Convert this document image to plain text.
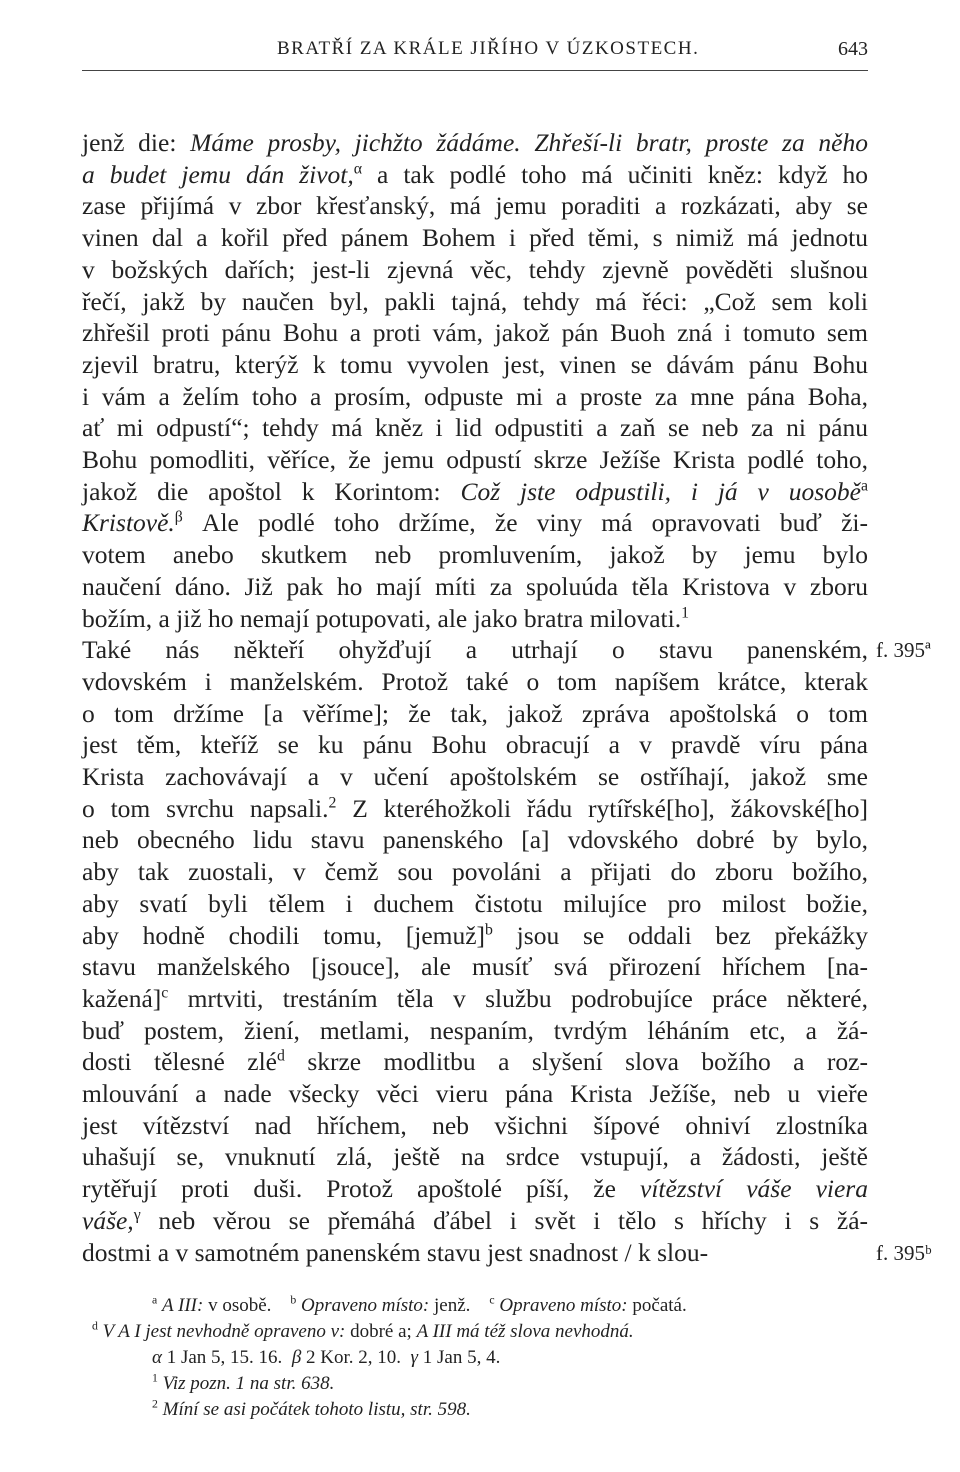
BRATŘÍ ZA KRÁLE JIŘÍHO V ÚZKOSTECH.	643
jenž die: Máme prosby, jichžto žádáme. Zhřeší-li bratr, proste za něho
a budet jemu dán život,$^\alpha$ a tak podlé toho má učiniti kněz: když ho
zase přijímá v zbor křesťanský, má jemu poraditi a rozkázati, aby se
vinen dal a kořil před pánem Bohem i před těmi, s nimiž má jednotu
v božských dařích; jest-li zjevná věc, tehdy zjevně pověděti slušnou
řečí, jakž by naučen byl, pakli tajná, tehdy má řéci: „Což sem koli
zhřešil proti pánu Bohu a proti vám, jakož pán Buoh zná i tomuto sem
zjevil bratru, kterýž k tomu vyvolen jest, vinen se dávám pánu Bohu
i vám a želím toho a prosím, odpuste mi a proste za mne pána Boha,
ať mi odpustí“; tehdy má kněz i lid odpustiti a zaň se neb za ni pánu
Bohu pomodliti, věříce, že jemu odpustí skrze Ježíše Krista podlé toho,
jakož die apoštol k Korintom: Což jste odpustili, i já v uosobě$^a$
Kristově.$^\beta$ Ale podlé toho držíme, že viny má opravovati buď ži-
votem anebo skutkem neb promluvením, jakož by jemu bylo
naučení dáno. Již pak ho mají míti za spoluúda těla Kristova v zboru
božím, a již ho nemají potupovati, ale jako bratra milovati.$^1$
Také nás někteří ohyžďují a utrhají o stavu panenském,
vdovském i manželském. Protož také o tom napíšem krátce, kterak
o tom držíme [a věříme]; že tak, jakož zpráva apoštolská o tom
jest těm, kteříž se ku pánu Bohu obracují a v pravdě víru pána
Krista zachovávají a v učení apoštolském se ostříhají, jakož sme
o tom svrchu napsali.$^2$ Z kteréhožkoli řádu rytířské[ho], žákovské[ho]
neb obecného lidu stavu panenského [a] vdovského dobré by bylo,
aby tak zuostali, v čemž sou povoláni a přijati do zboru božího,
aby svatí byli tělem i duchem čistotu milujíce pro milost božie,
aby hodně chodili tomu, [jemuž]$^b$ jsou se oddali bez překážky
stavu manželského [jsouce], ale musíť svá přirození hříchem [na-
kažená]$^c$ mrtviti, trestáním těla v službu podrobujíce práce některé,
buď postem, žiení, metlami, nespaním, tvrdým léháním etc, a žá-
dosti tělesné zlé$^d$ skrze modlitbu a slyšení slova božího a roz-
mlouvání a nade všecky věci vieru pána Krista Ježíše, neb u vieře
jest vítězství nad hříchem, neb všichni šípové ohniví zlostníka
uhašují se, vnuknutí zlá, ještě na srdce vstupují, a žádosti, ještě
rytěřují proti duši. Protož apoštolé píší, že vítězství váše viera
váše,$^\gamma$ neb věrou se přemáhá ďábel i svět i tělo s hříchy i s žá-
dostmi a v samotném panenském stavu jest snadnost / k slou-
f. 395ª
f. 395ᵇ
$^a$ A III: v osobě.    $^b$ Opraveno místo: jenž.    $^c$ Opraveno místo: počatá.
$^d$ V A I jest nevhodně opraveno v: dobré a; A III má též slova nevhodná.
α 1 Jan 5, 15. 16.  β 2 Kor. 2, 10.  γ 1 Jan 5, 4.
$^1$ Viz pozn. 1 na str. 638.
$^2$ Míní se asi počátek tohoto listu, str. 598.
